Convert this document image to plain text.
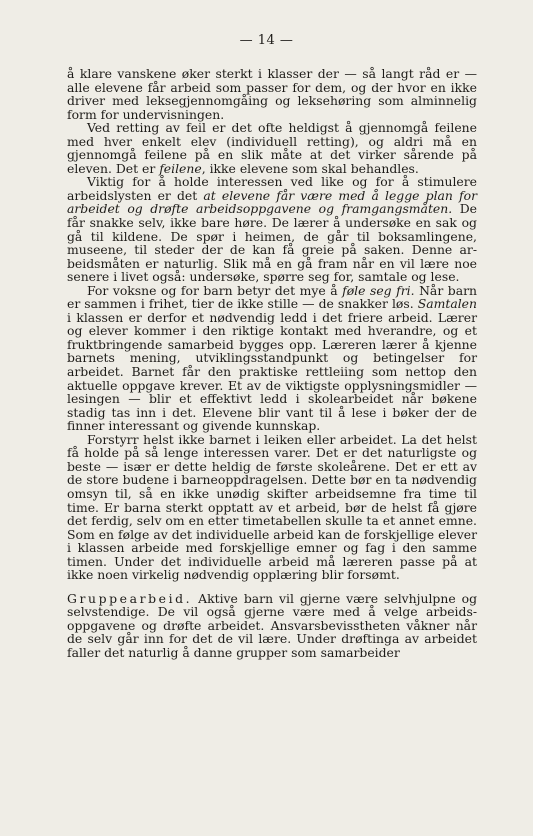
— 14 —

å klare vanskene øker sterkt i klasser der — så langt råd er — alle elevene får arbeid som passer for dem, og der hvor en ikke driver med leksegjennomgåing og leksehøring som alminnelig form for undervisningen.

Ved retting av feil er det ofte heldigst å gjennomgå feilene med hver enkelt elev (individuell retting), og aldri må en gjennomgå feilene på en slik måte at det virker sårende på eleven. Det er feilene, ikke elevene som skal behandles.

Viktig for å holde interessen ved like og for å stimulere arbeidslysten er det at elevene får være med å legge plan for arbeidet og drøfte arbeidsoppgavene og framgangsmåten. De får snakke selv, ikke bare høre. De lærer å undersøke en sak og gå til kildene. De spør i heimen, de går til boksamlingene, museene, til steder der de kan få greie på saken. Denne arbeidsmåten er naturlig. Slik må en gå fram når en vil lære noe senere i livet også: undersøke, spørre seg for, samtale og lese.

For voksne og for barn betyr det mye å føle seg fri. Når barn er sammen i frihet, tier de ikke stille — de snakker løs. Samtalen i klassen er derfor et nødvendig ledd i det friere arbeid. Lærer og elever kommer i den riktige kontakt med hverandre, og et fruktbringende samarbeid bygges opp. Læreren lærer å kjenne barnets mening, utviklingsstandpunkt og betingelser for arbeidet. Barnet får den praktiske rettleiing som nettop den aktuelle oppgave krever. Et av de viktigste opplysningsmidler — lesingen — blir et effektivt ledd i skolearbeidet når bøkene stadig tas inn i det. Elevene blir vant til å lese i bøker der de finner interessant og givende kunnskap.

Forstyrr helst ikke barnet i leiken eller arbeidet. La det helst få holde på så lenge interessen varer. Det er det naturligste og beste — især er dette heldig de første skoleårene. Det er ett av de store budene i barneoppdragelsen. Dette bør en ta nødvendig omsyn til, så en ikke unødig skifter arbeidsemne fra time til time. Er barna sterkt opptatt av et arbeid, bør de helst få gjøre det ferdig, selv om en etter timetabellen skulle ta et annet emne. Som en følge av det individuelle arbeid kan de forskjellige elever i klassen arbeide med forskjellige emner og fag i den samme timen. Under det individuelle arbeid må læreren passe på at ikke noen virkelig nødvendig opplæring blir forsømt.

Gruppearbeid. Aktive barn vil gjerne være selvhjulpne og selvstendige. De vil også gjerne være med å velge arbeidsoppgavene og drøfte arbeidet. Ansvarsbevisstheten våkner når de selv går inn for det de vil lære. Under drøftinga av arbeidet faller det naturlig å danne grupper som samarbeider
